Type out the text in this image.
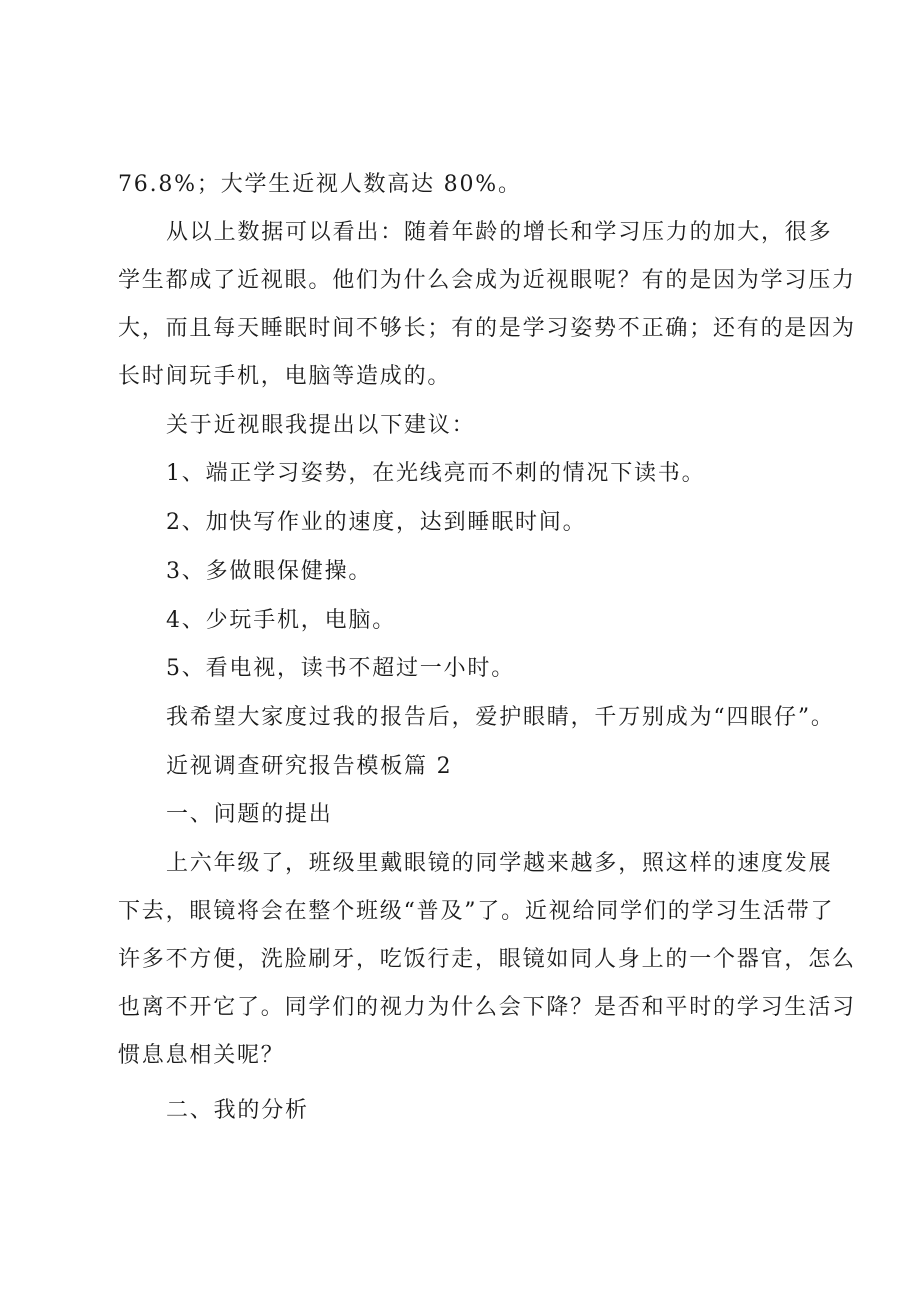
76.8%；大学生近视人数高达 80%。
从以上数据可以看出：随着年龄的增长和学习压力的加大，很多
学生都成了近视眼。他们为什么会成为近视眼呢？有的是因为学习压力
大，而且每天睡眠时间不够长；有的是学习姿势不正确；还有的是因为
长时间玩手机，电脑等造成的。
关于近视眼我提出以下建议：
1、端正学习姿势，在光线亮而不刺的情况下读书。
2、加快写作业的速度，达到睡眠时间。
3、多做眼保健操。
4、少玩手机，电脑。
5、看电视，读书不超过一小时。
我希望大家度过我的报告后，爱护眼睛，千万别成为“四眼仔”。
近视调查研究报告模板篇 2
一、问题的提出
上六年级了，班级里戴眼镜的同学越来越多，照这样的速度发展
下去，眼镜将会在整个班级“普及”了。近视给同学们的学习生活带了
许多不方便，洗脸刷牙，吃饭行走，眼镜如同人身上的一个器官，怎么
也离不开它了。同学们的视力为什么会下降？是否和平时的学习生活习
惯息息相关呢？
二、我的分析
